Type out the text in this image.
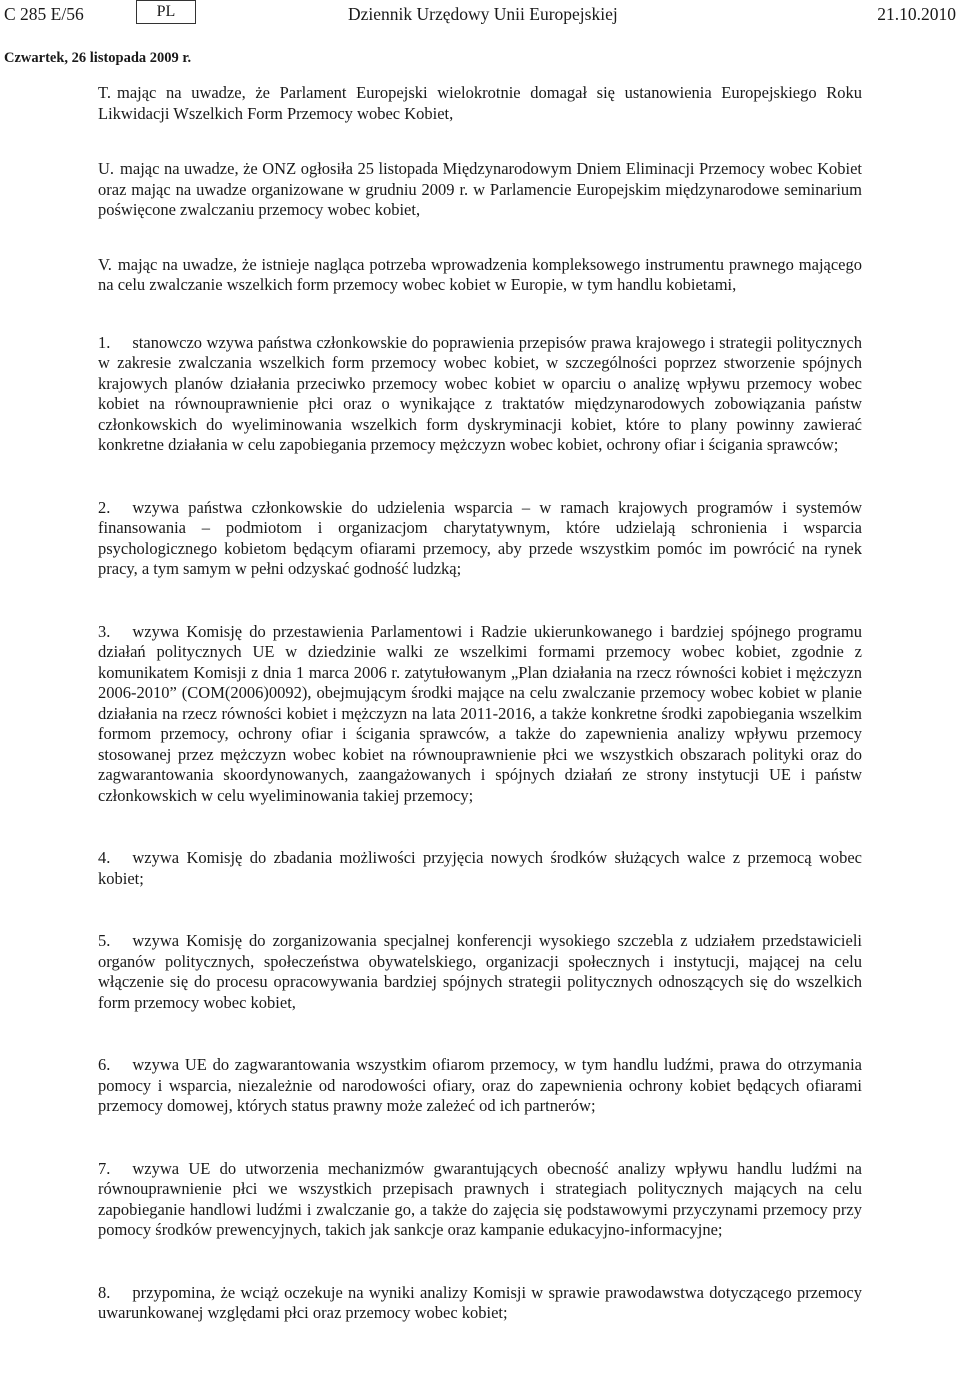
C 285 E/56	PL	Dziennik Urzędowy Unii Europejskiej	21.10.2010
Czwartek, 26 listopada 2009 r.

T. mając na uwadze, że Parlament Europejski wielokrotnie domagał się ustanowienia Europejskiego Roku Likwidacji Wszelkich Form Przemocy wobec Kobiet,

U. mając na uwadze, że ONZ ogłosiła 25 listopada Międzynarodowym Dniem Eliminacji Przemocy wobec Kobiet oraz mając na uwadze organizowane w grudniu 2009 r. w Parlamencie Europejskim międzynarodowe seminarium poświęcone zwalczaniu przemocy wobec kobiet,

V. mając na uwadze, że istnieje nagląca potrzeba wprowadzenia kompleksowego instrumentu prawnego mającego na celu zwalczanie wszelkich form przemocy wobec kobiet w Europie, w tym handlu kobietami,

1. stanowczo wzywa państwa członkowskie do poprawienia przepisów prawa krajowego i strategii politycznych w zakresie zwalczania wszelkich form przemocy wobec kobiet, w szczególności poprzez stworzenie spójnych krajowych planów działania przeciwko przemocy wobec kobiet w oparciu o analizę wpływu przemocy wobec kobiet na równouprawnienie płci oraz o wynikające z traktatów międzynarodowych zobowiązania państw członkowskich do wyeliminowania wszelkich form dyskryminacji kobiet, które to plany powinny zawierać konkretne działania w celu zapobiegania przemocy mężczyzn wobec kobiet, ochrony ofiar i ścigania sprawców;

2. wzywa państwa członkowskie do udzielenia wsparcia – w ramach krajowych programów i systemów finansowania – podmiotom i organizacjom charytatywnym, które udzielają schronienia i wsparcia psychologicznego kobietom będącym ofiarami przemocy, aby przede wszystkim pomóc im powrócić na rynek pracy, a tym samym w pełni odzyskać godność ludzką;

3. wzywa Komisję do przestawienia Parlamentowi i Radzie ukierunkowanego i bardziej spójnego programu działań politycznych UE w dziedzinie walki ze wszelkimi formami przemocy wobec kobiet, zgodnie z komunikatem Komisji z dnia 1 marca 2006 r. zatytułowanym „Plan działania na rzecz równości kobiet i mężczyzn 2006-2010” (COM(2006)0092), obejmującym środki mające na celu zwalczanie przemocy wobec kobiet w planie działania na rzecz równości kobiet i mężczyzn na lata 2011-2016, a także konkretne środki zapobiegania wszelkim formom przemocy, ochrony ofiar i ścigania sprawców, a także do zapewnienia analizy wpływu przemocy stosowanej przez mężczyzn wobec kobiet na równouprawnienie płci we wszystkich obszarach polityki oraz do zagwarantowania skoordynowanych, zaangażowanych i spójnych działań ze strony instytucji UE i państw członkowskich w celu wyeliminowania takiej przemocy;

4. wzywa Komisję do zbadania możliwości przyjęcia nowych środków służących walce z przemocą wobec kobiet;

5. wzywa Komisję do zorganizowania specjalnej konferencji wysokiego szczebla z udziałem przedstawicieli organów politycznych, społeczeństwa obywatelskiego, organizacji społecznych i instytucji, mającej na celu włączenie się do procesu opracowywania bardziej spójnych strategii politycznych odnoszących się do wszelkich form przemocy wobec kobiet,

6. wzywa UE do zagwarantowania wszystkim ofiarom przemocy, w tym handlu ludźmi, prawa do otrzymania pomocy i wsparcia, niezależnie od narodowości ofiary, oraz do zapewnienia ochrony kobiet będących ofiarami przemocy domowej, których status prawny może zależeć od ich partnerów;

7. wzywa UE do utworzenia mechanizmów gwarantujących obecność analizy wpływu handlu ludźmi na równouprawnienie płci we wszystkich przepisach prawnych i strategiach politycznych mających na celu zapobieganie handlowi ludźmi i zwalczanie go, a także do zajęcia się podstawowymi przyczynami przemocy przy pomocy środków prewencyjnych, takich jak sankcje oraz kampanie edukacyjno-informacyjne;

8. przypomina, że wciąż oczekuje na wyniki analizy Komisji w sprawie prawodawstwa dotyczącego przemocy uwarunkowanej względami płci oraz przemocy wobec kobiet;
